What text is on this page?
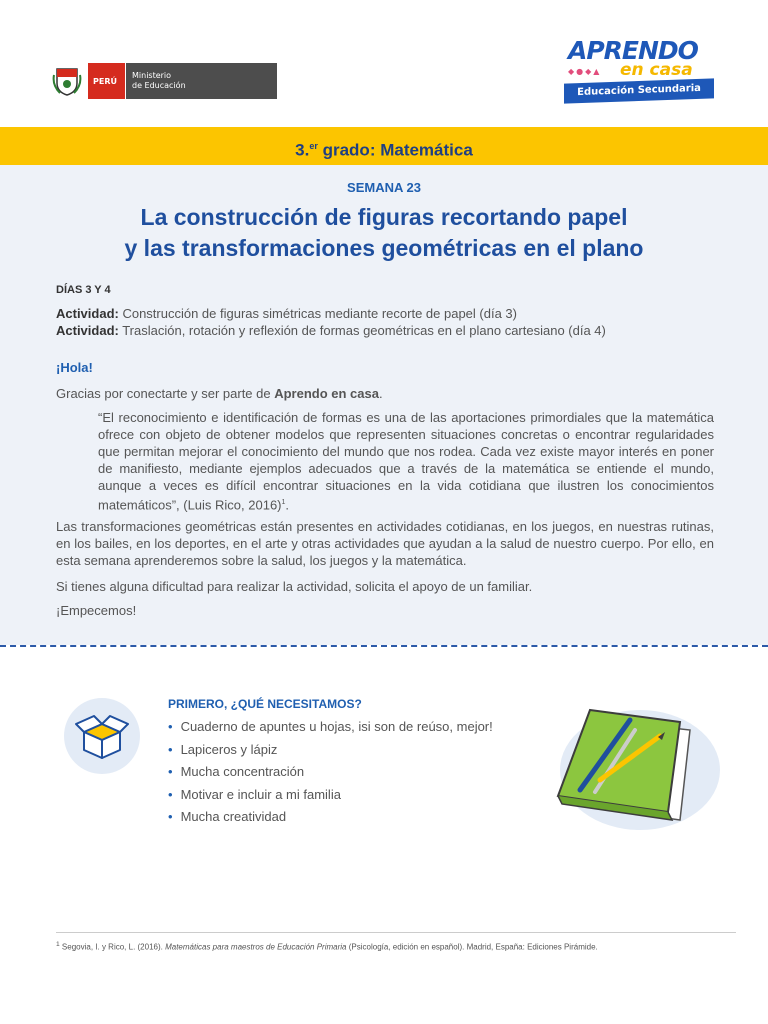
PERÚ
Ministerio
de Educación
APRENDO
◆●◆▲ en casa
Educación Secundaria
3.$^{er}$ grado: Matemática
SEMANA 23
La construcción de figuras recortando papel
y las transformaciones geométricas en el plano
DÍAS 3 Y 4
Actividad: Construcción de figuras simétricas mediante recorte de papel (día 3)
Actividad: Traslación, rotación y reflexión de formas geométricas en el plano cartesiano (día 4)
¡Hola!
Gracias por conectarte y ser parte de Aprendo en casa.
“El reconocimiento e identificación de formas es una de las aportaciones primordiales que la matemática ofrece con objeto de obtener modelos que representen situaciones concretas o encontrar regularidades que permitan mejorar el conocimiento del mundo que nos rodea. Cada vez existe mayor interés en poner de manifiesto, mediante ejemplos adecuados que a través de la matemática se entiende el mundo, aunque a veces es difícil encontrar situaciones en la vida cotidiana que ilustren los conocimientos matemáticos”, (Luis Rico, 2016)$^1$.
Las transformaciones geométricas están presentes en actividades cotidianas, en los juegos, en nuestras rutinas, en los bailes, en los deportes, en el arte y otras actividades que ayudan a la salud de nuestro cuerpo. Por ello, en esta semana aprenderemos sobre la salud, los juegos y la matemática.
Si tienes alguna dificultad para realizar la actividad, solicita el apoyo de un familiar.
¡Empecemos!
PRIMERO, ¿QUÉ NECESITAMOS?
• Cuaderno de apuntes u hojas, isi son de reúso, mejor!
• Lapiceros y lápiz
• Mucha concentración
• Motivar e incluir a mi familia
• Mucha creatividad
$^1$ Segovia, I. y Rico, L. (2016). Matemáticas para maestros de Educación Primaria (Psicología, edición en español). Madrid, España: Ediciones Pirámide.
